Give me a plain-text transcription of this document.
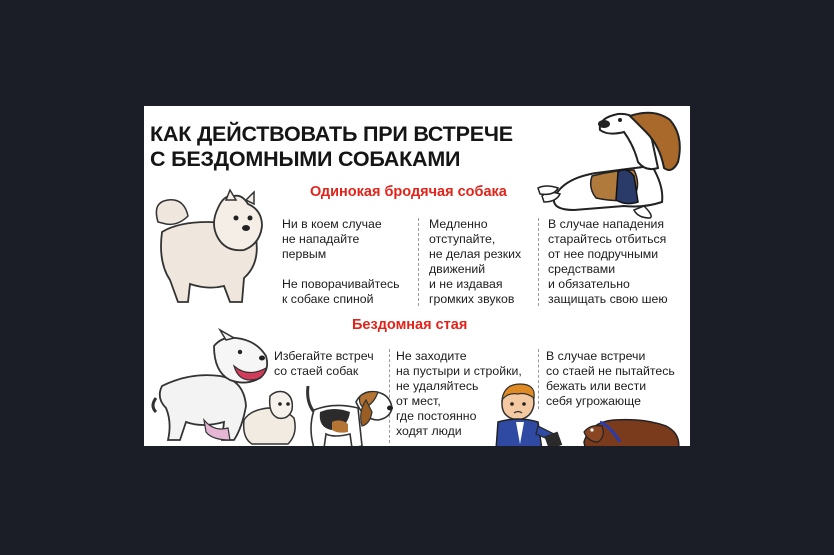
КАК ДЕЙСТВОВАТЬ ПРИ ВСТРЕЧЕ
С БЕЗДОМНЫМИ СОБАКАМИ
Одинокая бродячая собака
Ни в коем случае
не нападайте
первым
Не поворачивайтесь
к собаке спиной
Медленно
отступайте,
не делая резких
движений
и не издавая
громких звуков
В случае нападения
старайтесь отбиться
от нее подручными
средствами
и обязательно
защищать свою шею
Бездомная стая
Избегайте встреч
со стаей собак
Не заходите
на пустыри и стройки,
не удаляйтесь
от мест,
где постоянно
ходят люди
В случае встречи
со стаей не пытайтесь
бежать или вести
себя угрожающе
